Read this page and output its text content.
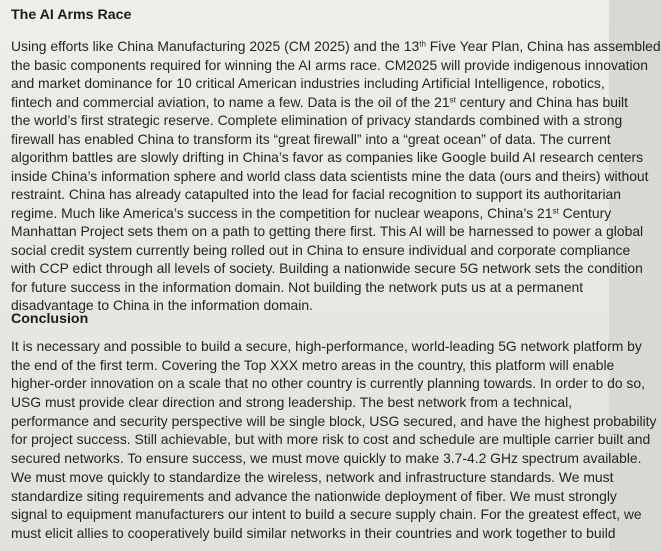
The AI Arms Race
Using efforts like China Manufacturing 2025 (CM 2025) and the 13th Five Year Plan, China has assembled
the basic components required for winning the AI arms race. CM2025 will provide indigenous innovation
and market dominance for 10 critical American industries including Artificial Intelligence, robotics,
fintech and commercial aviation, to name a few. Data is the oil of the 21st century and China has built
the world’s first strategic reserve. Complete elimination of privacy standards combined with a strong
firewall has enabled China to transform its “great firewall” into a “great ocean” of data. The current
algorithm battles are slowly drifting in China’s favor as companies like Google build AI research centers
inside China’s information sphere and world class data scientists mine the data (ours and theirs) without
restraint. China has already catapulted into the lead for facial recognition to support its authoritarian
regime. Much like America’s success in the competition for nuclear weapons, China’s 21st Century
Manhattan Project sets them on a path to getting there first. This AI will be harnessed to power a global
social credit system currently being rolled out in China to ensure individual and corporate compliance
with CCP edict through all levels of society. Building a nationwide secure 5G network sets the condition
for future success in the information domain. Not building the network puts us at a permanent
disadvantage to China in the information domain.
Conclusion
It is necessary and possible to build a secure, high-performance, world-leading 5G network platform by
the end of the first term. Covering the Top XXX metro areas in the country, this platform will enable
higher-order innovation on a scale that no other country is currently planning towards. In order to do so,
USG must provide clear direction and strong leadership. The best network from a technical,
performance and security perspective will be single block, USG secured, and have the highest probability
for project success. Still achievable, but with more risk to cost and schedule are multiple carrier built and
secured networks. To ensure success, we must move quickly to make 3.7-4.2 GHz spectrum available.
We must move quickly to standardize the wireless, network and infrastructure standards. We must
standardize siting requirements and advance the nationwide deployment of fiber. We must strongly
signal to equipment manufacturers our intent to build a secure supply chain. For the greatest effect, we
must elicit allies to cooperatively build similar networks in their countries and work together to build
